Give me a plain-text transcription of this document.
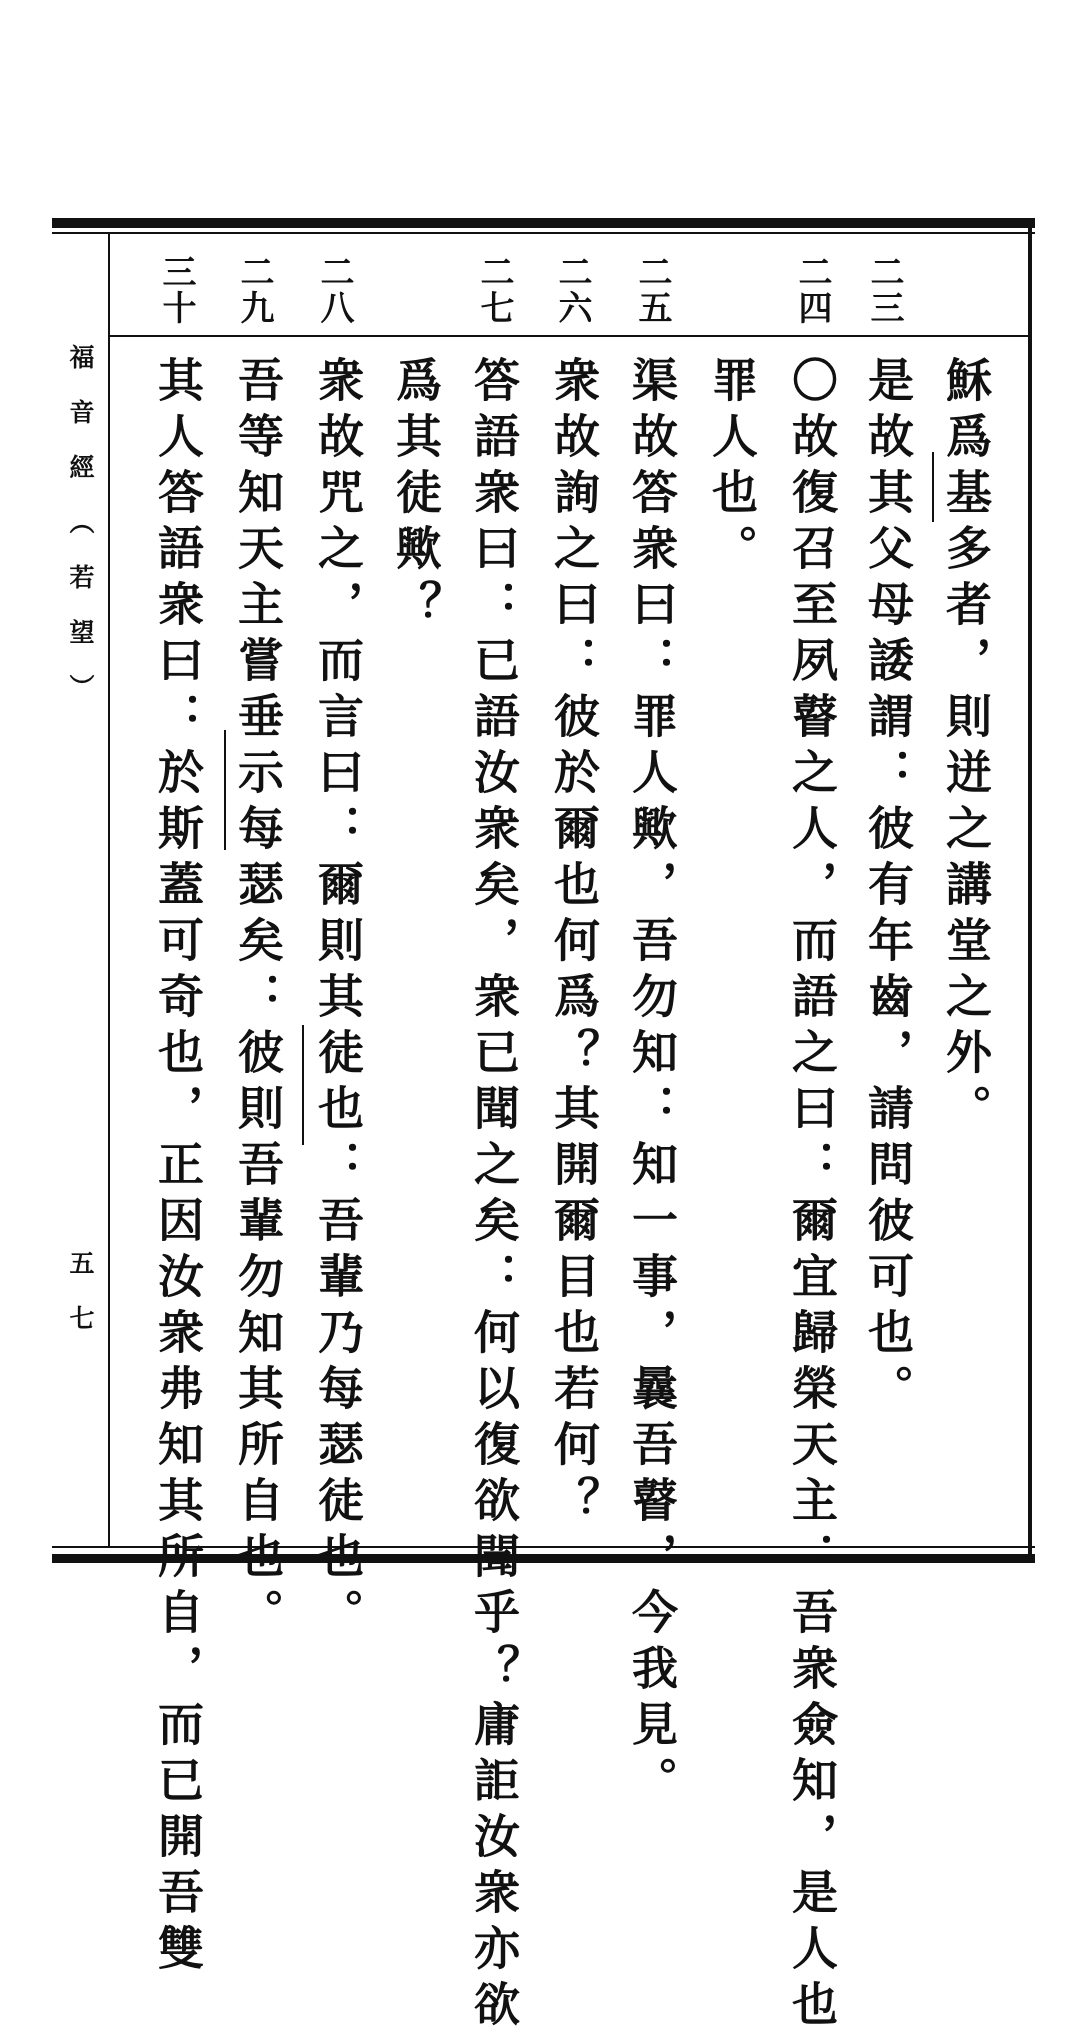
福音經（若望）
五七
二三
二四
二五
二六
二七
二八
二九
三十
穌爲基多者，則迸之講堂之外。
是故其父母諉謂：彼有年齒，請問彼可也。
〇故復召至夙瞽之人，而語之曰：爾宜歸榮天主：吾衆僉知，是人也
罪人也。
渠故答衆曰：罪人歟，吾勿知：知一事，曩吾瞽，今我見。
衆故詢之曰：彼於爾也何爲？其開爾目也若何？
答語衆曰：已語汝衆矣，衆已聞之矣：何以復欲聞乎？庸詎汝衆亦欲
爲其徒歟？
衆故咒之，而言曰：爾則其徒也：吾輩乃每瑟徒也。
吾等知天主嘗垂示每瑟矣：彼則吾輩勿知其所自也。
其人答語衆曰：於斯蓋可奇也，正因汝衆弗知其所自，而已開吾雙
